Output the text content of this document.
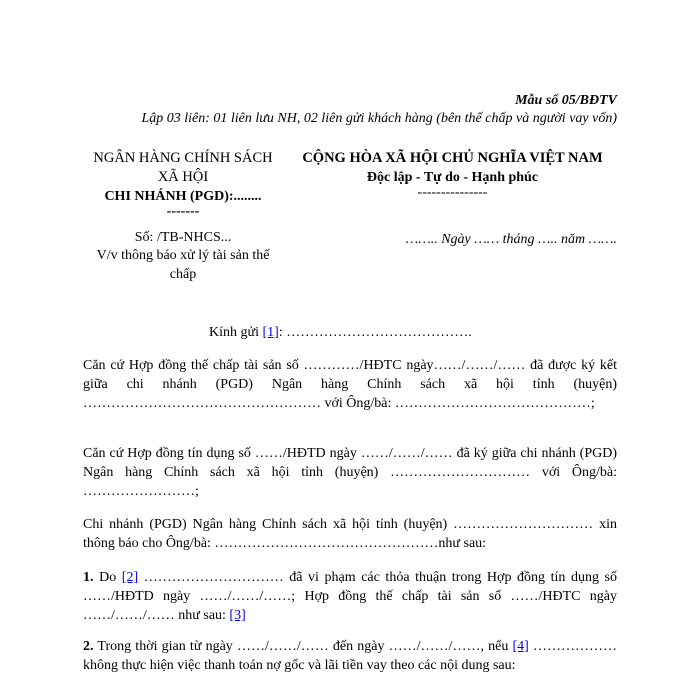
Mẫu số 05/BĐTV
Lập 03 liên: 01 liên lưu NH, 02 liên gửi khách hàng (bên thế chấp và người vay vốn)
NGÂN HÀNG CHÍNH SÁCH XÃ HỘI
CHI NHÁNH (PGD):........
-------
CỘNG HÒA XÃ HỘI CHỦ NGHĨA VIỆT NAM
Độc lập - Tự do - Hạnh phúc
---------------
Số: /TB-NHCS...	…….. Ngày …… tháng ….. năm …….
V/v thông báo xử lý tài sản thế chấp
Kính gửi [1]: ………………………………….
Căn cứ Hợp đồng thế chấp tài sản số …………/HĐTC ngày……/……/…… đã được ký kết giữa chi nhánh (PGD) Ngân hàng Chính sách xã hội tỉnh (huyện) …………………………………………… với Ông/bà: ……………………………………;
Căn cứ Hợp đồng tín dụng số ……/HĐTD ngày ……/……/…… đã ký giữa chi nhánh (PGD) Ngân hàng Chính sách xã hội tỉnh (huyện) ………………………… với Ông/bà: ……………………;
Chi nhánh (PGD) Ngân hàng Chính sách xã hội tỉnh (huyện) ………………………… xin thông báo cho Ông/bà: …………………………………………như sau:
1. Do [2] ………………………… đã vi phạm các thỏa thuận trong Hợp đồng tín dụng số ……/HĐTD ngày ……/……/……; Hợp đồng thế chấp tài sản số ……/HĐTC ngày ……/……/…… như sau: [3]
2. Trong thời gian từ ngày ……/……/…… đến ngày ……/……/……, nếu [4] ……………… không thực hiện việc thanh toán nợ gốc và lãi tiền vay theo các nội dung sau:
